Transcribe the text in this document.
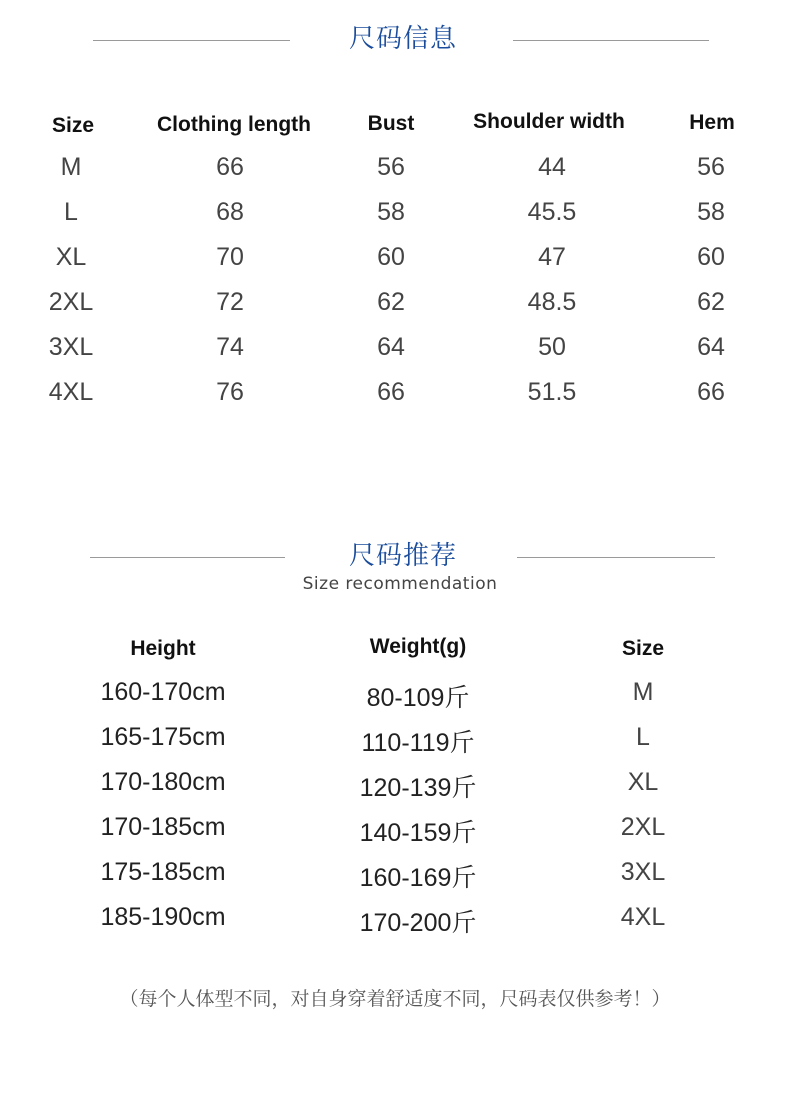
尺码信息
Size	Clothing length	Bust	Shoulder width	Hem
M	66	56	44	56
L	68	58	45.5	58
XL	70	60	47	60
2XL	72	62	48.5	62
3XL	74	64	50	64
4XL	76	66	51.5	66
尺码推荐
Size recommendation
Height	Weight(g)	Size
160-170cm	80-109斤	M
165-175cm	110-119斤	L
170-180cm	120-139斤	XL
170-185cm	140-159斤	2XL
175-185cm	160-169斤	3XL
185-190cm	170-200斤	4XL
（每个人体型不同，对自身穿着舒适度不同，尺码表仅供参考！）
